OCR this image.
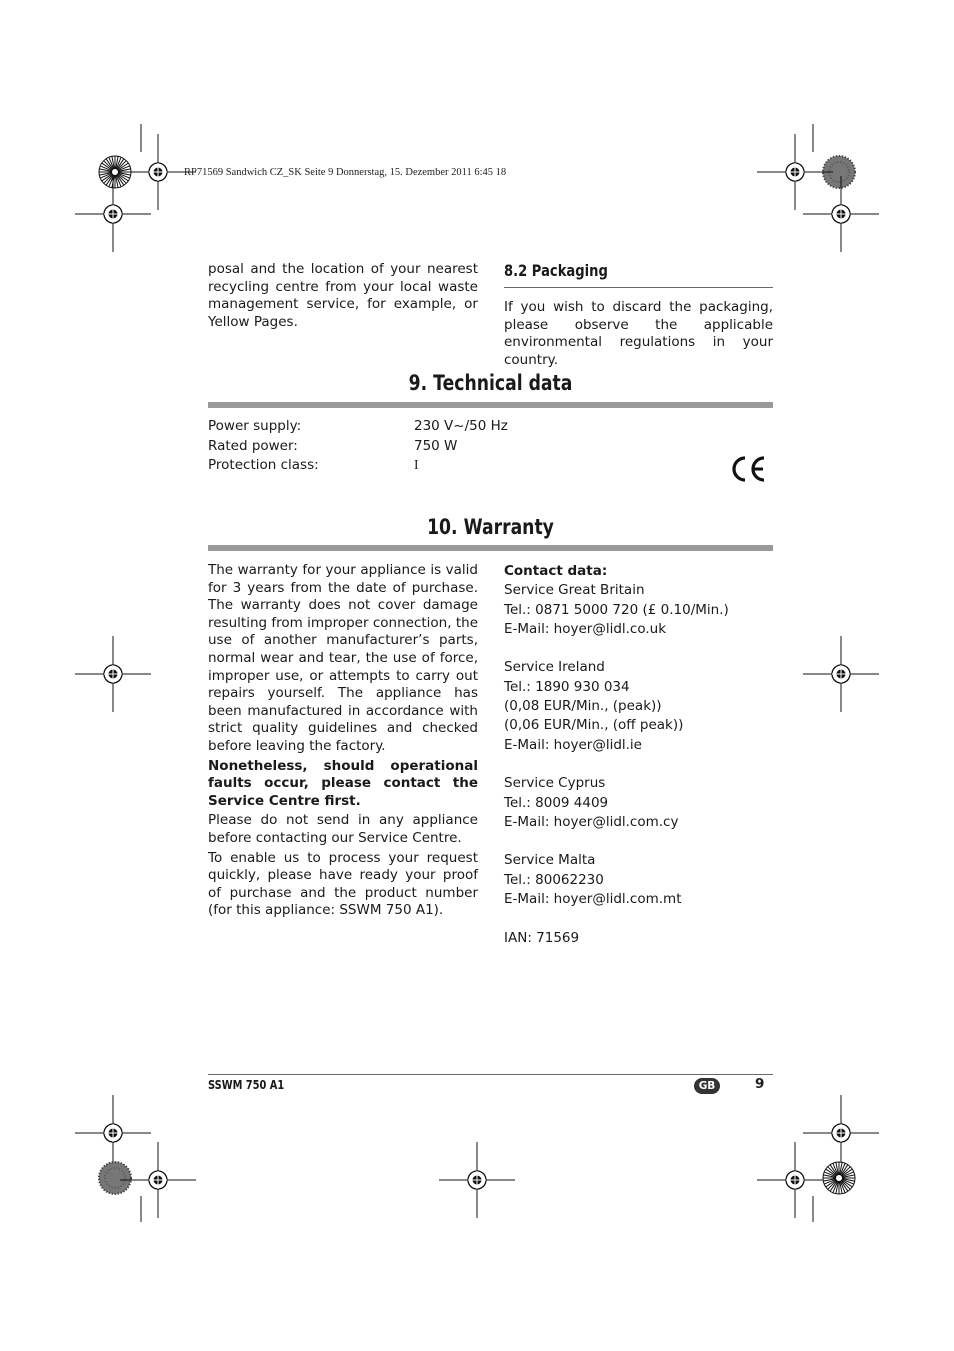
RP71569 Sandwich CZ_SK Seite 9 Donnerstag, 15. Dezember 2011 6:45 18
posal and the location of your nearest recycling centre from your local waste management service, for example, or Yellow Pages.
8.2 Packaging
If you wish to discard the packaging, please observe the applicable environmental regulations in your country.
9. Technical data
Power supply:	230 V~/50 Hz
Rated power:	750 W
Protection class:	I
10. Warranty
The warranty for your appliance is valid for 3 years from the date of purchase. The warranty does not cover damage resulting from improper connection, the use of another manufacturer’s parts, normal wear and tear, the use of force, improper use, or attempts to carry out repairs yourself. The appliance has been manufactured in accordance with strict quality guidelines and checked before leaving the factory.
Nonetheless, should operational faults occur, please contact the Service Centre first.
Please do not send in any appliance before contacting our Service Centre.
To enable us to process your request quickly, please have ready your proof of purchase and the product number (for this appliance: SSWM 750 A1).
Contact data:
Service Great Britain
Tel.: 0871 5000 720 (£ 0.10/Min.)
E-Mail: hoyer@lidl.co.uk
Service Ireland
Tel.: 1890 930 034
(0,08 EUR/Min., (peak))
(0,06 EUR/Min., (off peak))
E-Mail: hoyer@lidl.ie
Service Cyprus
Tel.: 8009 4409
E-Mail: hoyer@lidl.com.cy
Service Malta
Tel.: 80062230
E-Mail: hoyer@lidl.com.mt
IAN: 71569
SSWM 750 A1	GB	9
